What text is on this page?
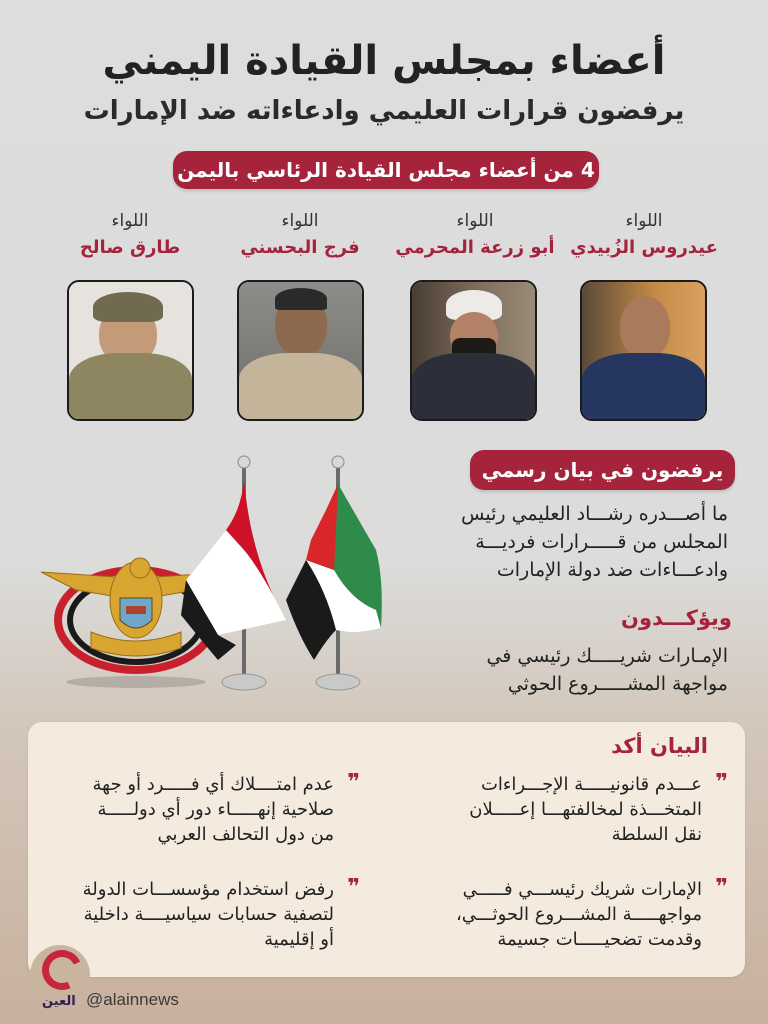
أعضاء بمجلس القيادة اليمني
يرفضون قرارات العليمي وادعاءاته ضد الإمارات
4 من أعضاء مجلس القيادة الرئاسي باليمن
اللواء
عيدروس الزُبيدي
اللواء
أبو زرعة المحرمي
اللواء
فرج البحسني
اللواء
طارق صالح
يرفضون في بيان رسمي
ما أصـــدره رشـــاد العليمي رئيس
المجلس من قـــــرارات فرديـــة
وادعـــاءات ضد دولة الإمارات
ويؤكـــدون
الإمـارات شريـــــك رئيسي في
مواجهة المشـــــروع الحوثي
البيان أكد
❞
عـــدم قانونيـــــة الإجـــراءات
المتخـــذة لمخالفتهـــا إعـــــلان
نقل السلطة
❞
الإمارات شريك رئيســـي فـــــي
مواجهـــــة المشـــروع الحوثـــي،
وقدمت تضحيـــــات جسيمة
❞
عدم امتــــلاك أي فـــــرد أو جهة
صلاحية إنهـــــاء دور أي دولـــــة
من دول التحالف العربي
❞
رفض استخدام مؤسســـات الدولة
لتصفية حسابات سياسيــــة داخلية
أو إقليمية
العين @alainnews
